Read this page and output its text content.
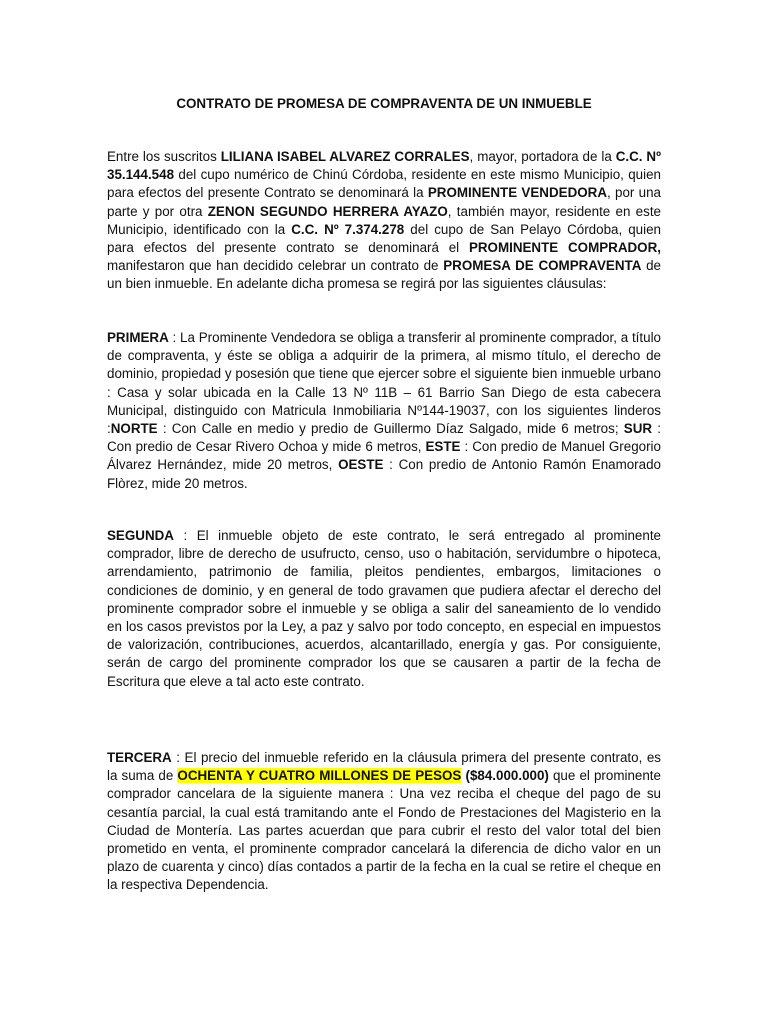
CONTRATO DE PROMESA DE COMPRAVENTA DE UN INMUEBLE

Entre los suscritos LILIANA ISABEL ALVAREZ CORRALES, mayor, portadora de la C.C. Nº 35.144.548 del cupo numérico de Chinú Córdoba, residente en este mismo Municipio, quien para efectos del presente Contrato se denominará la PROMINENTE VENDEDORA, por una parte y por otra ZENON SEGUNDO HERRERA AYAZO, también mayor, residente en este Municipio, identificado con la C.C. Nº 7.374.278 del cupo de San Pelayo Córdoba, quien para efectos del presente contrato se denominará el PROMINENTE COMPRADOR, manifestaron que han decidido celebrar un contrato de PROMESA DE COMPRAVENTA de un bien inmueble. En adelante dicha promesa se regirá por las siguientes cláusulas:

PRIMERA : La Prominente Vendedora se obliga a transferir al prominente comprador, a título de compraventa, y éste se obliga a adquirir de la primera, al mismo título, el derecho de dominio, propiedad y posesión que tiene que ejercer sobre el siguiente bien inmueble urbano : Casa y solar ubicada en la Calle 13 Nº 11B – 61 Barrio San Diego de esta cabecera Municipal, distinguido con Matricula Inmobiliaria Nº144-19037, con los siguientes linderos :NORTE : Con Calle en medio y predio de Guillermo Díaz Salgado, mide 6 metros; SUR : Con predio de Cesar Rivero Ochoa y mide 6 metros, ESTE : Con predio de Manuel Gregorio Álvarez Hernández, mide 20 metros, OESTE : Con predio de Antonio Ramón Enamorado Flòrez, mide 20 metros.

SEGUNDA : El inmueble objeto de este contrato, le será entregado al prominente comprador, libre de derecho de usufructo, censo, uso o habitación, servidumbre o hipoteca, arrendamiento, patrimonio de familia, pleitos pendientes, embargos, limitaciones o condiciones de dominio, y en general de todo gravamen que pudiera afectar el derecho del prominente comprador sobre el inmueble y se obliga a salir del saneamiento de lo vendido en los casos previstos por la Ley, a paz y salvo por todo concepto, en especial en impuestos de valorización, contribuciones, acuerdos, alcantarillado, energía y gas. Por consiguiente, serán de cargo del prominente comprador los que se causaren a partir de la fecha de Escritura que eleve a tal acto este contrato.

TERCERA : El precio del inmueble referido en la cláusula primera del presente contrato, es la suma de OCHENTA Y CUATRO MILLONES DE PESOS ($84.000.000) que el prominente comprador cancelara de la siguiente manera : Una vez reciba el cheque del pago de su cesantía parcial, la cual está tramitando ante el Fondo de Prestaciones del Magisterio en la Ciudad de Montería. Las partes acuerdan que para cubrir el resto del valor total del bien prometido en venta, el prominente comprador cancelará la diferencia de dicho valor en un plazo de cuarenta y cinco) días contados a partir de la fecha en la cual se retire el cheque en la respectiva Dependencia.
